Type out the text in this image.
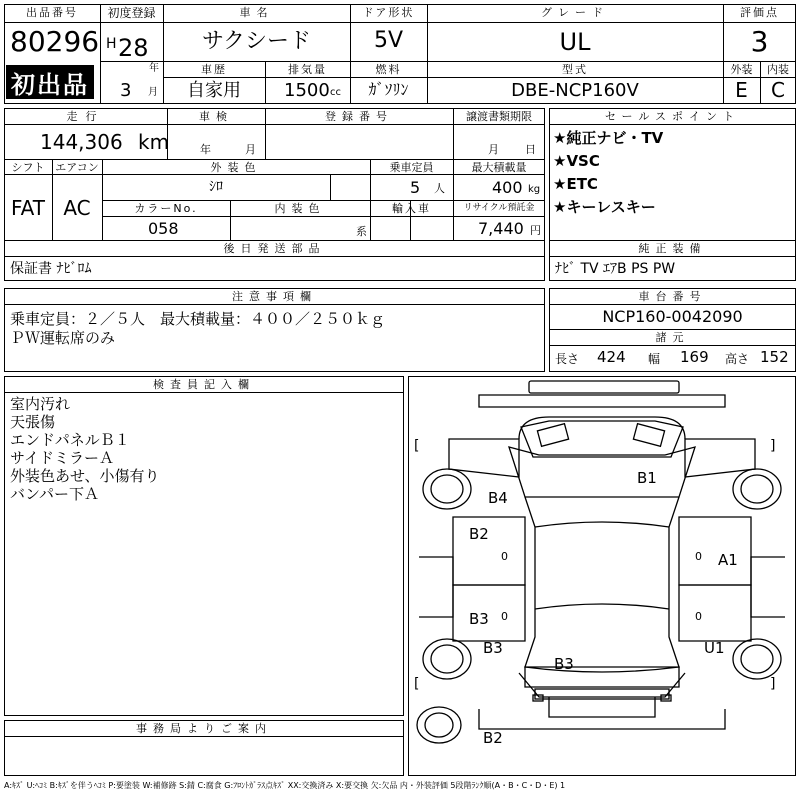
出品番号
80296
初出品
初度登録
H 28
年
3 月
車名
サクシード
ドア形状
5V
グレード
UL
評価点
3
車歴
自家用
排気量
1500 cc
燃料
ｶﾞｿﾘﾝ
型式
DBE-NCP160V
外装	内装
E	C
走行
144,306 km
車検
年	月
登録番号	譲渡書類期限
月 日
シフト エアコン
FAT AC
外装色
ｼﾛ
乗車定員
5 人
最大積載量
400 kg
カラーNo.
058
内装色
系
輸入車	リサイクル預託金
7,440 円
後日発送部品
保証書 ﾅﾋﾞﾛﾑ
セールスポイント
★純正ナビ・TV
★VSC
★ETC
★キーレスキー
純正装備
ﾅﾋﾞ TV ｴｱB PS PW
注意事項欄
乗車定員：２／５人　最大積載量：４００／２５０ｋｇ
ＰＷ運転席のみ
車台番号
NCP160-0042090
諸元
長さ 424 幅 169 高さ 152
検査員記入欄
室内汚れ
天張傷
エンドパネルＢ１
サイドミラーＡ
外装色あせ、小傷有り
バンパー下Ａ
事務局よりご案内
[	]
[	]
0	0
0	0
B1
B4
B2
A1
B3
B3
B3
U1
B2
A:ｷｽﾞ U:ﾍｺﾐ B:ｷｽﾞを伴うﾍｺﾐ P:要塗装 W:補修跡 S:錆 C:腐食 G:ﾌﾛﾝﾄｶﾞﾗｽ点ｷｽﾞ XX:交換済み X:要交換 欠:欠品 内・外装評価 5段階ﾗﾝｸ順(A・B・C・D・E) 1
